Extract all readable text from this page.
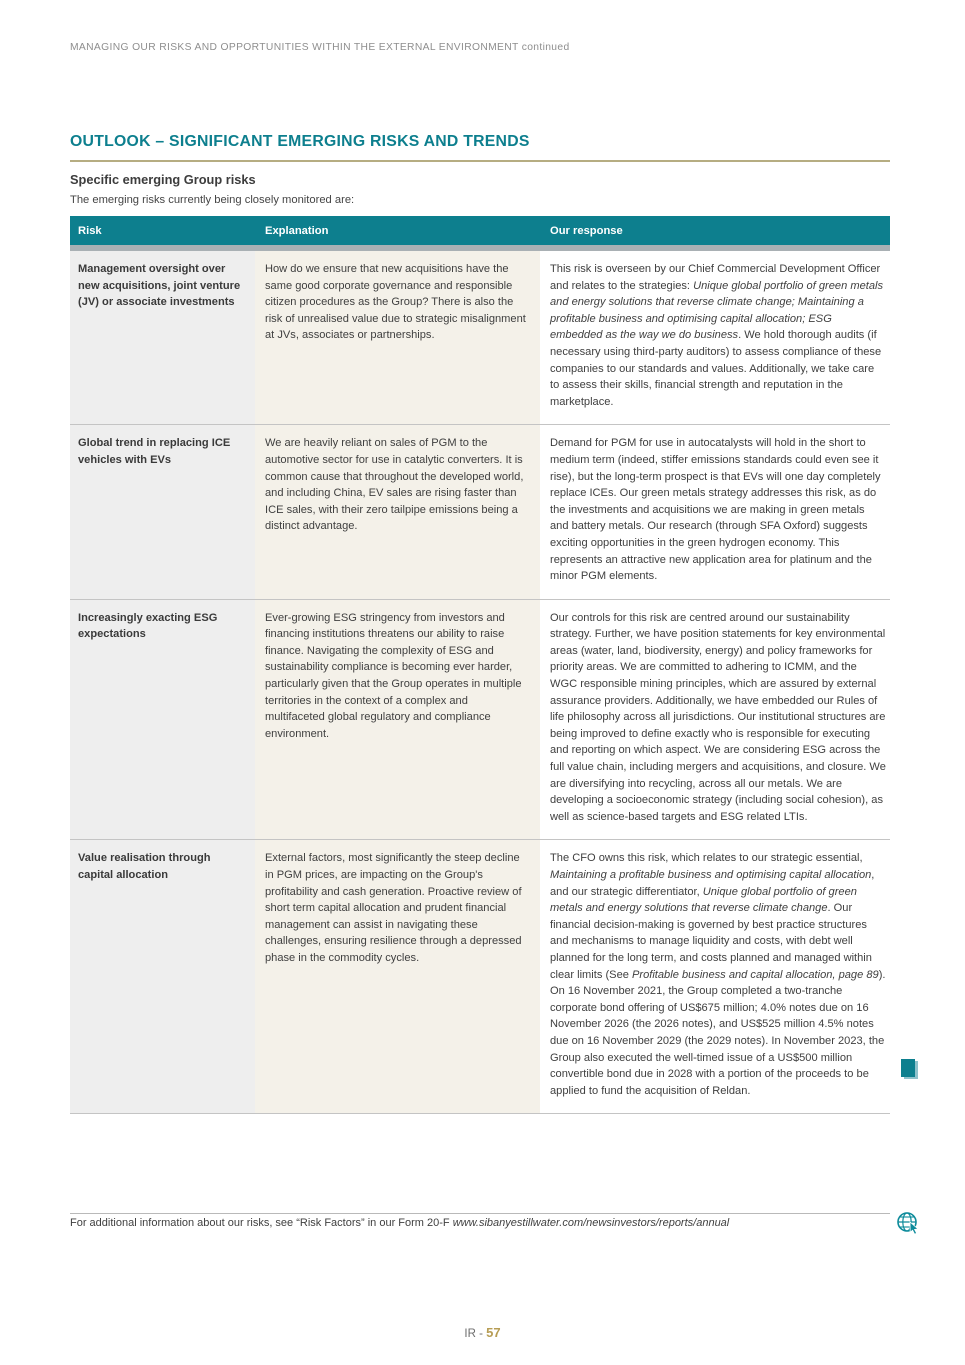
MANAGING OUR RISKS AND OPPORTUNITIES WITHIN THE EXTERNAL ENVIRONMENT continued
OUTLOOK – SIGNIFICANT EMERGING RISKS AND TRENDS
Specific emerging Group risks
The emerging risks currently being closely monitored are:
Risk	Explanation	Our response
Management oversight over new acquisitions, joint venture (JV) or associate investments
How do we ensure that new acquisitions have the same good corporate governance and responsible citizen procedures as the Group? There is also the risk of unrealised value due to strategic misalignment at JVs, associates or partnerships.
This risk is overseen by our Chief Commercial Development Officer and relates to the strategies: Unique global portfolio of green metals and energy solutions that reverse climate change; Maintaining a profitable business and optimising capital allocation; ESG embedded as the way we do business. We hold thorough audits (if necessary using third-party auditors) to assess compliance of these companies to our standards and values. Additionally, we take care to assess their skills, financial strength and reputation in the marketplace.
Global trend in replacing ICE vehicles with EVs
We are heavily reliant on sales of PGM to the automotive sector for use in catalytic converters. It is common cause that throughout the developed world, and including China, EV sales are rising faster than ICE sales, with their zero tailpipe emissions being a distinct advantage.
Demand for PGM for use in autocatalysts will hold in the short to medium term (indeed, stiffer emissions standards could even see it rise), but the long-term prospect is that EVs will one day completely replace ICEs. Our green metals strategy addresses this risk, as do the investments and acquisitions we are making in green metals and battery metals. Our research (through SFA Oxford) suggests exciting opportunities in the green hydrogen economy. This represents an attractive new application area for platinum and the minor PGM elements.
Increasingly exacting ESG expectations
Ever-growing ESG stringency from investors and financing institutions threatens our ability to raise finance. Navigating the complexity of ESG and sustainability compliance is becoming ever harder, particularly given that the Group operates in multiple territories in the context of a complex and multifaceted global regulatory and compliance environment.
Our controls for this risk are centred around our sustainability strategy. Further, we have position statements for key environmental areas (water, land, biodiversity, energy) and policy frameworks for priority areas. We are committed to adhering to ICMM, and the WGC responsible mining principles, which are assured by external assurance providers. Additionally, we have embedded our Rules of life philosophy across all jurisdictions. Our institutional structures are being improved to define exactly who is responsible for executing and reporting on which aspect. We are considering ESG across the full value chain, including mergers and acquisitions, and closure. We are diversifying into recycling, across all our metals. We are developing a socioeconomic strategy (including social cohesion), as well as science-based targets and ESG related LTIs.
Value realisation through capital allocation
External factors, most significantly the steep decline in PGM prices, are impacting on the Group's profitability and cash generation. Proactive review of short term capital allocation and prudent financial management can assist in navigating these challenges, ensuring resilience through a depressed phase in the commodity cycles.
The CFO owns this risk, which relates to our strategic essential, Maintaining a profitable business and optimising capital allocation, and our strategic differentiator, Unique global portfolio of green metals and energy solutions that reverse climate change. Our financial decision-making is governed by best practice structures and mechanisms to manage liquidity and costs, with debt well planned for the long term, and costs planned and managed within clear limits (See Profitable business and capital allocation, page 89). On 16 November 2021, the Group completed a two-tranche corporate bond offering of US$675 million; 4.0% notes due on 16 November 2026 (the 2026 notes), and US$525 million 4.5% notes due on 16 November 2029 (the 2029 notes). In November 2023, the Group also executed the well-timed issue of a US$500 million convertible bond due in 2028 with a portion of the proceeds to be applied to fund the acquisition of Reldan.
For additional information about our risks, see “Risk Factors” in our Form 20-F www.sibanyestillwater.com/newsinvestors/reports/annual
IR - 57
